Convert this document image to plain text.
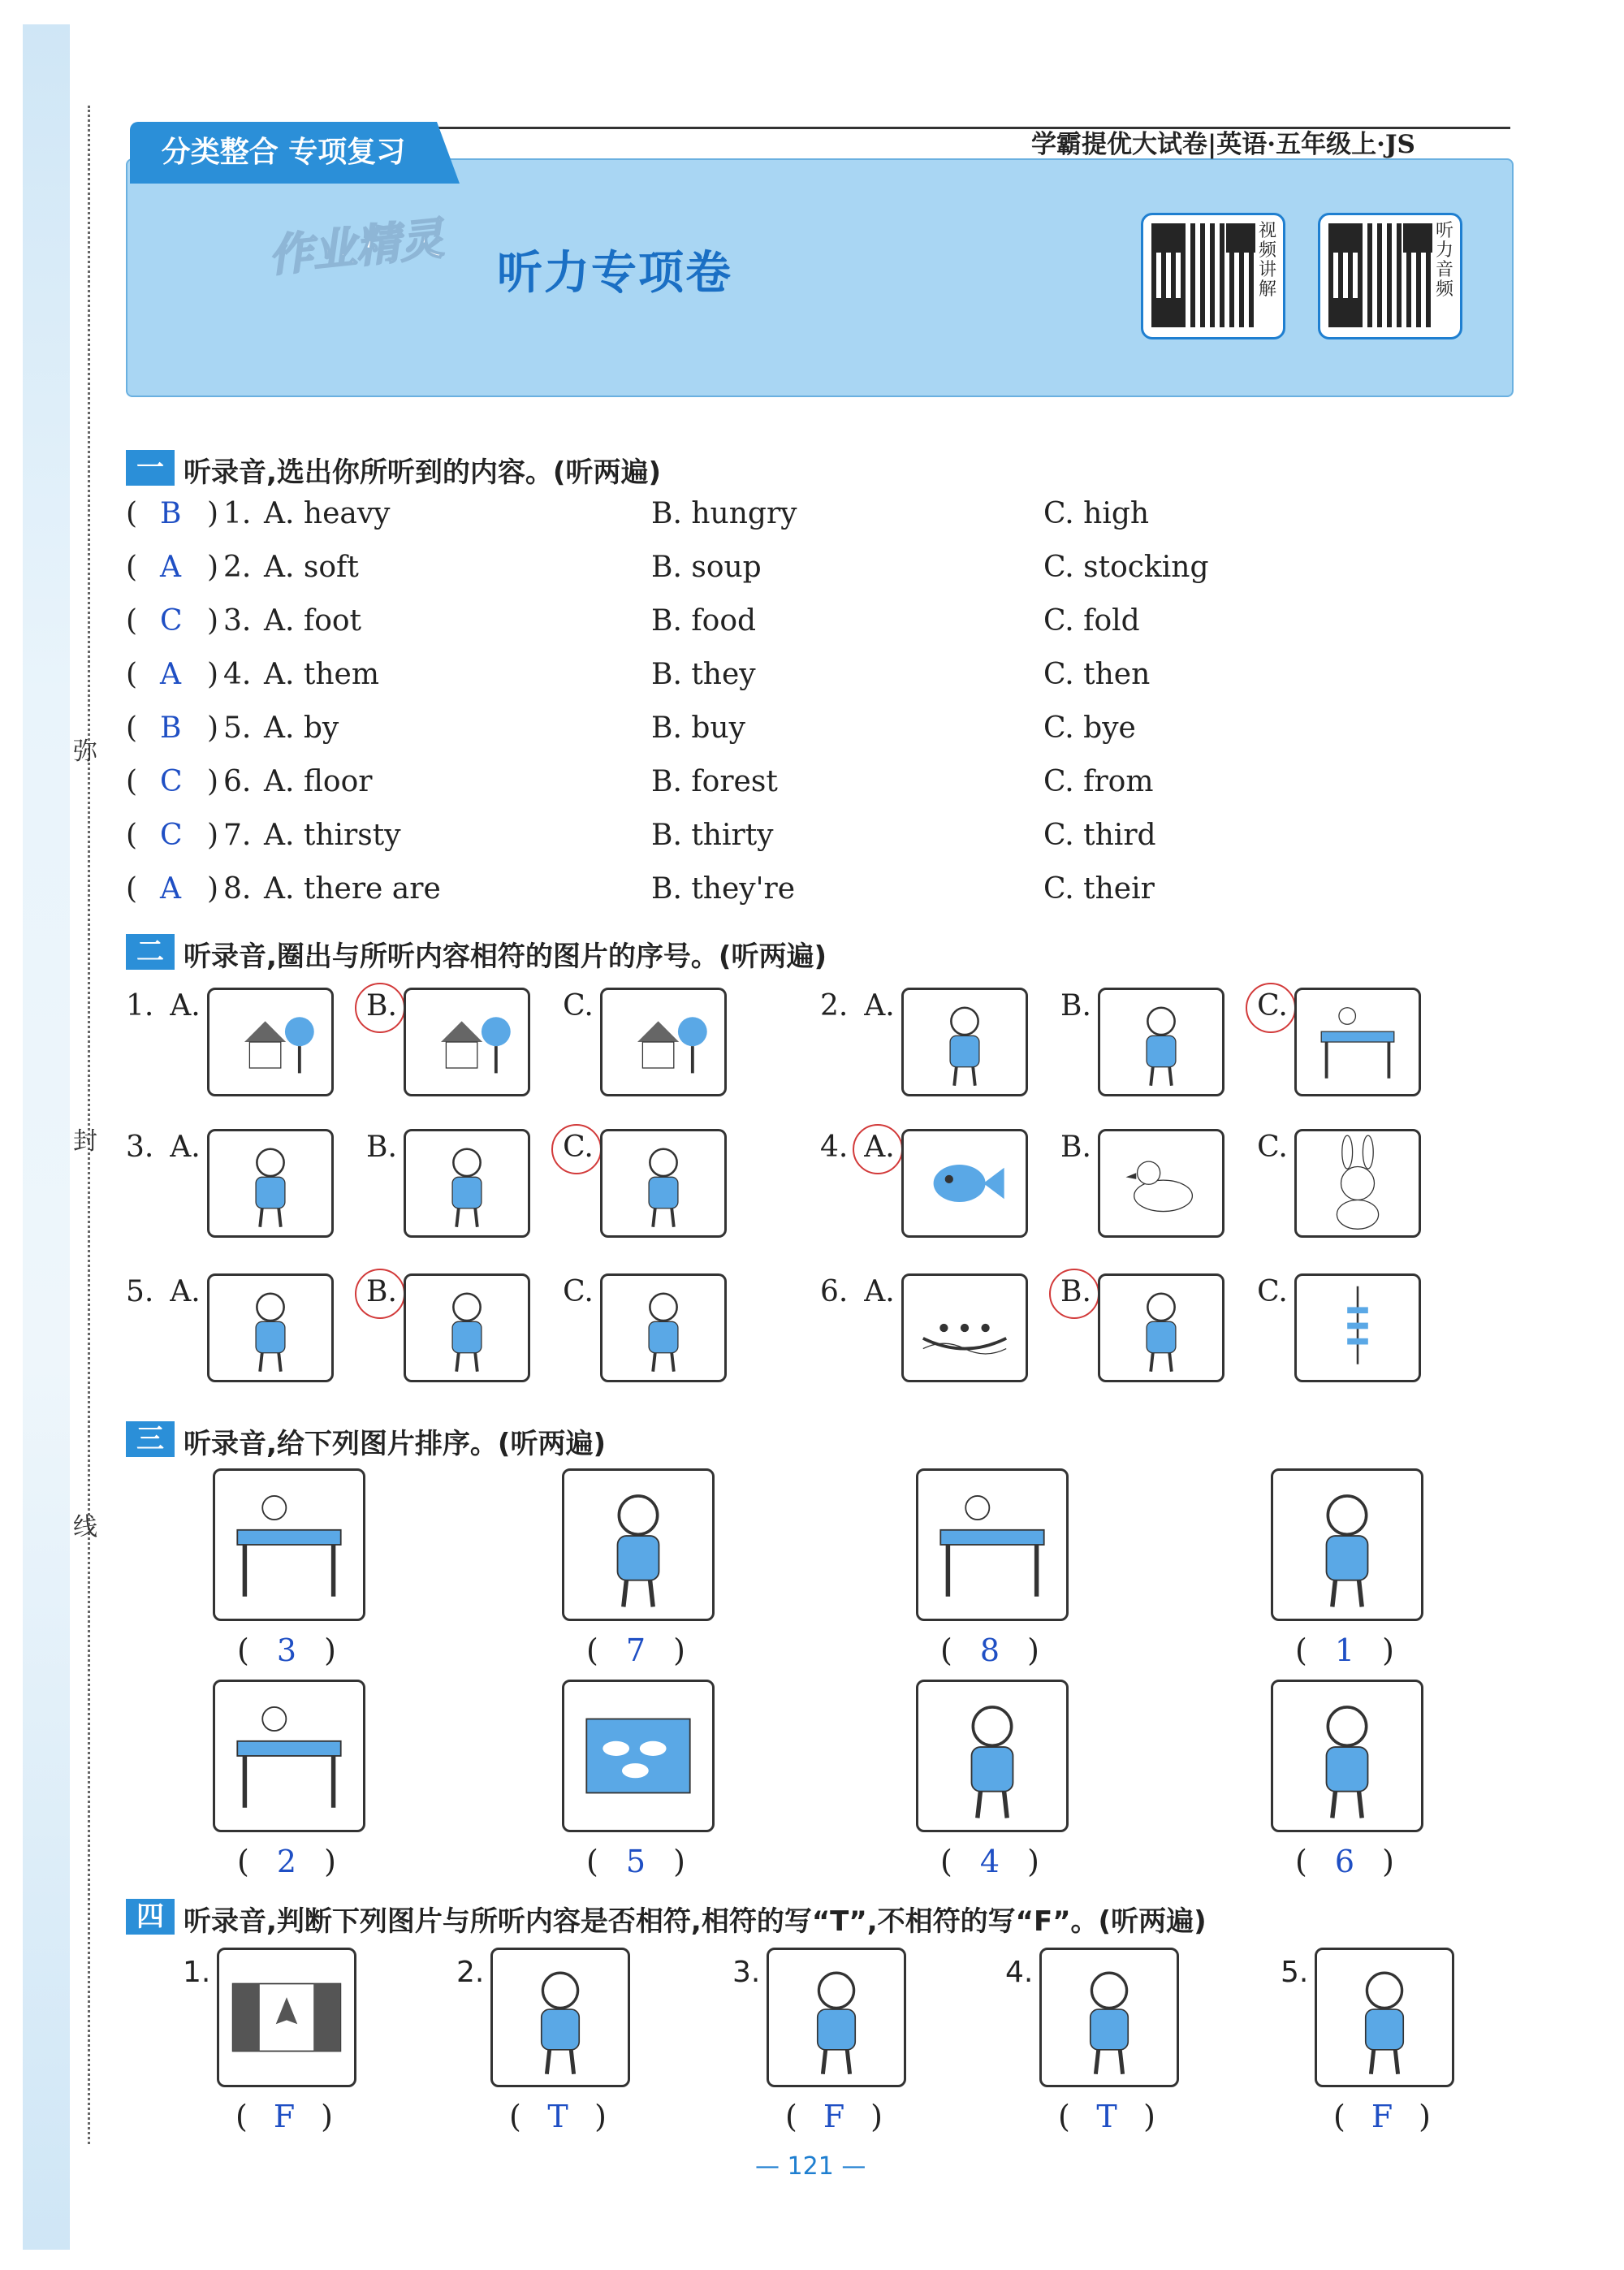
弥
封
线
分类整合 专项复习	学霸提优大试卷|英语·五年级上·JS
作业精灵 听力专项卷
视频讲解
听力音频
一 听录音,选出你所听到的内容。(听两遍)
( B ) 1. A. heavy	B. hungry	C. high
( A ) 2. A. soft	B. soup	C. stocking
( C ) 3. A. foot	B. food	C. fold
( A ) 4. A. them	B. they	C. then
( B ) 5. A. by	B. buy	C. bye
( C ) 6. A. floor	B. forest	C. from
( C ) 7. A. thirsty	B. thirty	C. third
( A ) 8. A. there are	B. they're	C. their
二 听录音,圈出与所听内容相符的图片的序号。(听两遍)
1. A.	B.	C.	2. A.	B.	C.
3. A.	B.	C.	4. A.	B.	C.
5. A.	B.	C.	6. A.	B.	C.
三 听录音,给下列图片排序。(听两遍)
( 3 )	( 7 )	( 8 )	( 1 )
( 2 )	( 5 )	( 4 )	( 6 )
四 听录音,判断下列图片与所听内容是否相符,相符的写“T”,不相符的写“F”。(听两遍)
1.
( F )
2.
( T )
3.
( F )
4.
( T )
5.
( F )
— 121 —
